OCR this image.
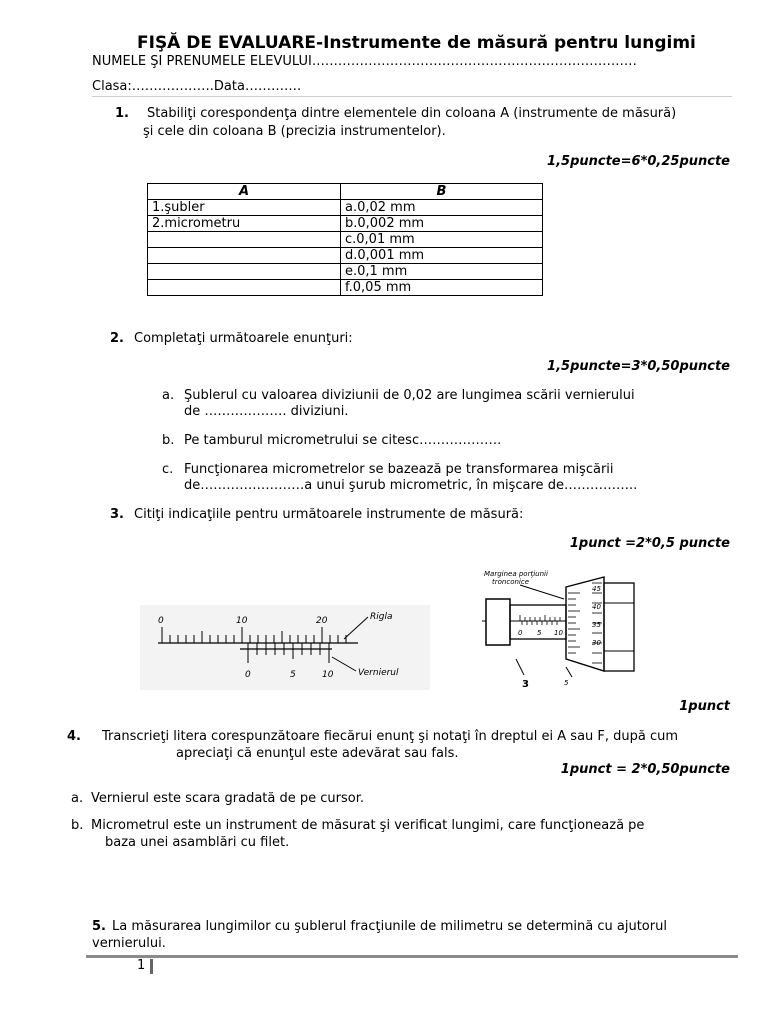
FIŞĂ DE EVALUARE-Instrumente de măsură pentru lungimi
NUMELE ŞI PRENUMELE ELEVULUI…………………………………………………………………
Clasa:……………….Data………….
1. Stabiliţi corespondenţa dintre elementele din coloana A (instrumente de măsură)
şi cele din coloana B (precizia instrumentelor).
1,5puncte=6*0,25puncte
A	B
1.şubler	a.0,02 mm
2.micrometru	b.0,002 mm
	c.0,01 mm
	d.0,001 mm
	e.0,1 mm
	f.0,05 mm
2. Completaţi următoarele enunţuri:
1,5puncte=3*0,50puncte
a. Şublerul cu valoarea diviziunii de 0,02 are lungimea scării vernierului
de ………………. diviziuni.
b. Pe tamburul micrometrului se citesc……………….
c. Funcţionarea micrometrelor se bazează pe transformarea mişcării
de……………………a unui şurub micrometric, în mişcare de……………..
3. Citiţi indicaţiile pentru următoarele instrumente de măsură:
1punct =2*0,5 puncte
0	10	20
0	5	10
Rigla
Vernierul
Marginea porţiunii
tronconice
0 5 10
45
40
35
30
3	5
1punct
4. Transcrieţi litera corespunzătoare fiecărui enunţ şi notaţi în dreptul ei A sau F, după cum
apreciaţi că enunţul este adevărat sau fals.
1punct = 2*0,50puncte
a. Vernierul este scara gradată de pe cursor.
b. Micrometrul este un instrument de măsurat şi verificat lungimi, care funcţionează pe
baza unei asamblări cu filet.
5. La măsurarea lungimilor cu şublerul fracţiunile de milimetru se determină cu ajutorul
vernierului.
1
